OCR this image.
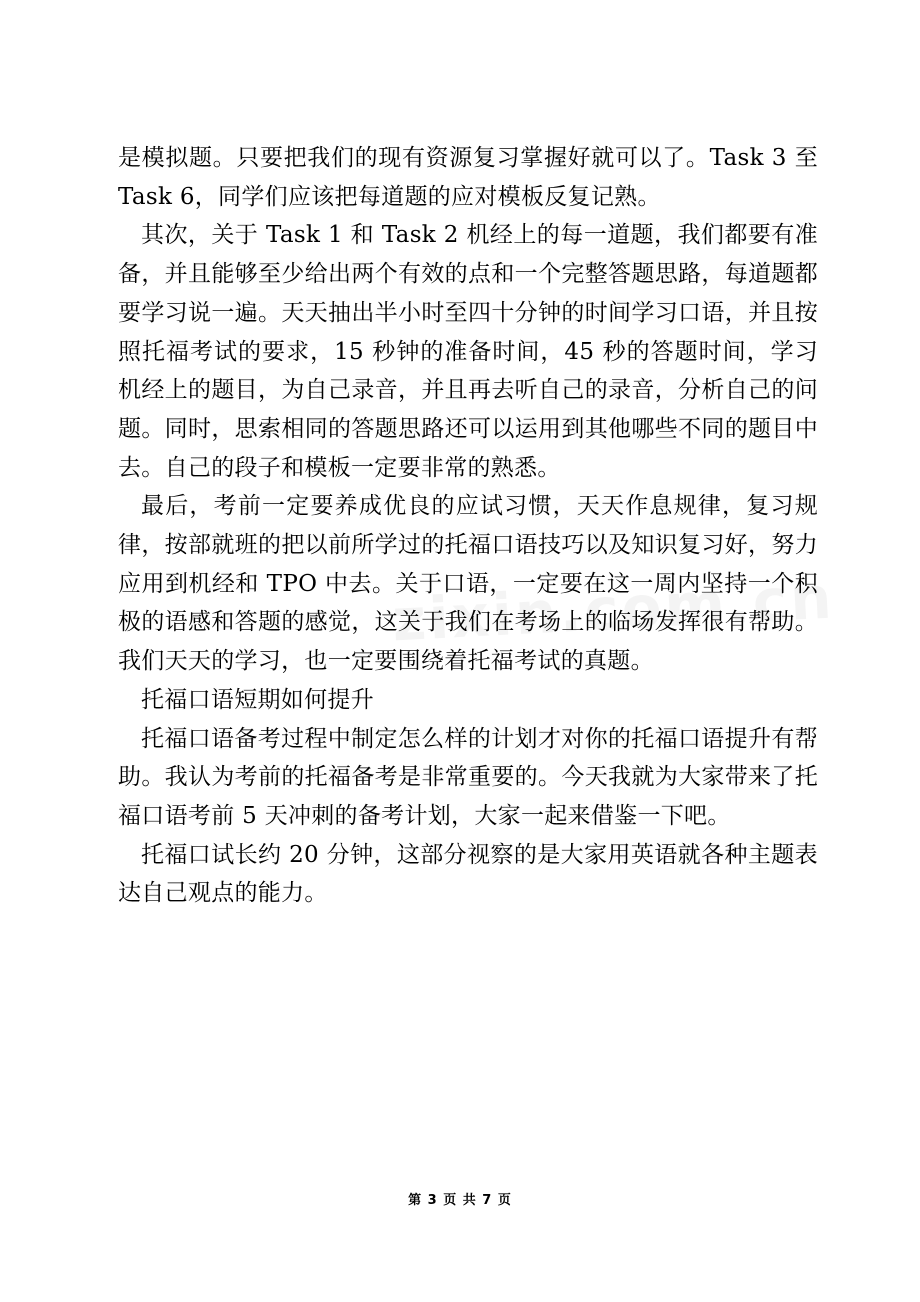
是模拟题。只要把我们的现有资源复习掌握好就可以了。Task 3 至 Task 6，同学们应该把每道题的应对模板反复记熟。

其次，关于 Task 1 和 Task 2 机经上的每一道题，我们都要有准备，并且能够至少给出两个有效的点和一个完整答题思路，每道题都要学习说一遍。天天抽出半小时至四十分钟的时间学习口语，并且按照托福考试的要求，15 秒钟的准备时间，45 秒的答题时间，学习机经上的题目，为自己录音，并且再去听自己的录音，分析自己的问题。同时，思索相同的答题思路还可以运用到其他哪些不同的题目中去。自己的段子和模板一定要非常的熟悉。

最后，考前一定要养成优良的应试习惯，天天作息规律，复习规律，按部就班的把以前所学过的托福口语技巧以及知识复习好，努力应用到机经和 TPO 中去。关于口语，一定要在这一周内坚持一个积极的语感和答题的感觉，这关于我们在考场上的临场发挥很有帮助。我们天天的学习，也一定要围绕着托福考试的真题。

托福口语短期如何提升

托福口语备考过程中制定怎么样的计划才对你的托福口语提升有帮助。我认为考前的托福备考是非常重要的。今天我就为大家带来了托福口语考前 5 天冲刺的备考计划，大家一起来借鉴一下吧。

托福口试长约 20 分钟，这部分视察的是大家用英语就各种主题表达自己观点的能力。

第 3 页 共 7 页
